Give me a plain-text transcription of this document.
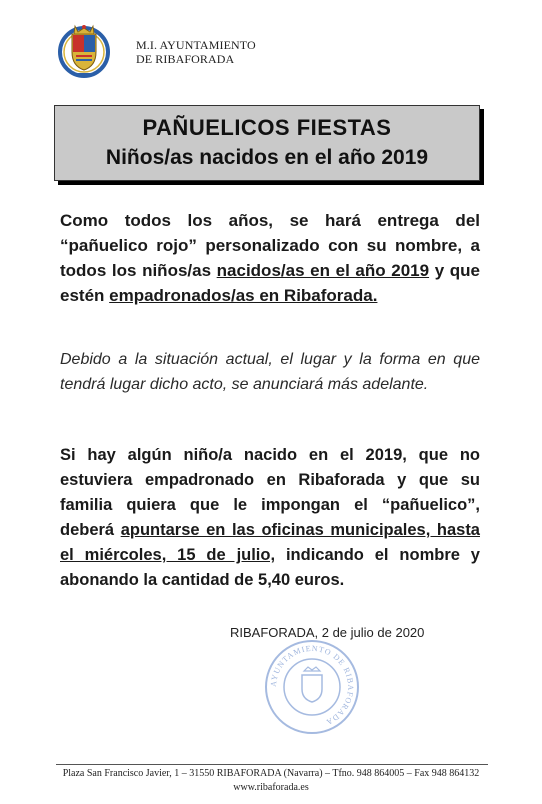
M.I. AYUNTAMIENTO
DE RIBAFORADA
PAÑUELICOS FIESTAS
Niños/as nacidos en el año 2019
Como todos los años, se hará entrega del “pañuelico rojo” personalizado con su nombre, a todos los niños/as nacidos/as en el año 2019 y que estén empadronados/as en Ribaforada.
Debido a la situación actual, el lugar y la forma en que tendrá lugar dicho acto, se anunciará más adelante.
Si hay algún niño/a nacido en el 2019, que no estuviera empadronado en Ribaforada y que su familia quiera que le impongan el “pañuelico”, deberá apuntarse en las oficinas municipales, hasta el miércoles, 15 de julio, indicando el nombre y abonando la cantidad de 5,40 euros.
RIBAFORADA, 2 de julio de 2020
AYUNTAMIENTO DE RIBAFORADA
Plaza San Francisco Javier, 1 – 31550 RIBAFORADA (Navarra) – Tfno. 948 864005 – Fax 948 864132
www.ribaforada.es
